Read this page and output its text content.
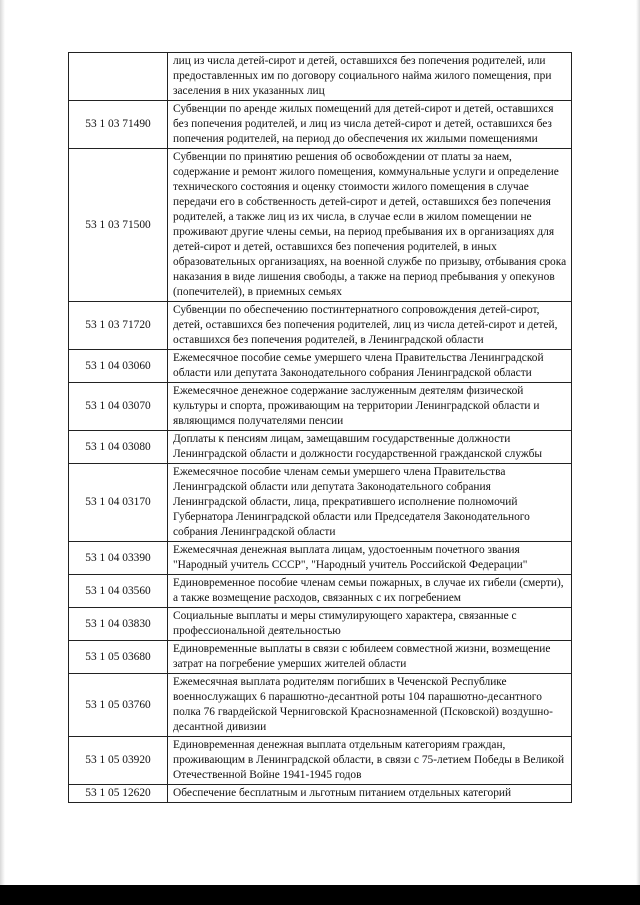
	лиц из числа детей-сирот и детей, оставшихся без попечения родителей, или предоставленных им по договору социального найма жилого помещения, при заселения в них указанных лиц
53 1 03 71490	Субвенции по аренде жилых помещений для детей-сирот и детей, оставшихся без попечения родителей, и лиц из числа детей-сирот и детей, оставшихся без попечения родителей, на период до обеспечения их жилыми помещениями
53 1 03 71500	Субвенции по принятию решения об освобождении от платы за наем, содержание и ремонт жилого помещения, коммунальные услуги и определение технического состояния и оценку стоимости жилого помещения в случае передачи его в собственность детей-сирот и детей, оставшихся без попечения родителей, а также лиц из их числа, в случае если в жилом помещении не проживают другие члены семьи, на период пребывания их в организациях для детей-сирот и детей, оставшихся без попечения родителей, в иных образовательных организациях, на военной службе по призыву, отбывания срока наказания в виде лишения свободы, а также на период пребывания у опекунов (попечителей), в приемных семьях
53 1 03 71720	Субвенции по обеспечению постинтернатного сопровождения детей-сирот, детей, оставшихся без попечения родителей, лиц из числа детей-сирот и детей, оставшихся без попечения родителей, в Ленинградской области
53 1 04 03060	Ежемесячное пособие семье умершего члена Правительства Ленинградской области или депутата Законодательного собрания Ленинградской области
53 1 04 03070	Ежемесячное денежное содержание заслуженным деятелям физической культуры и спорта, проживающим на территории Ленинградской области и являющимся получателями пенсии
53 1 04 03080	Доплаты к пенсиям лицам, замещавшим государственные должности Ленинградской области и должности государственной гражданской службы
53 1 04 03170	Ежемесячное пособие членам семьи умершего члена Правительства Ленинградской области или депутата Законодательного собрания Ленинградской области, лица, прекратившего исполнение полномочий Губернатора Ленинградской области или Председателя Законодательного собрания Ленинградской области
53 1 04 03390	Ежемесячная денежная выплата лицам, удостоенным почетного звания "Народный учитель СССР", "Народный учитель Российской Федерации"
53 1 04 03560	Единовременное пособие членам семьи пожарных, в случае их гибели (смерти), а также возмещение расходов, связанных с их погребением
53 1 04 03830	Социальные выплаты и меры стимулирующего характера, связанные с профессиональной деятельностью
53 1 05 03680	Единовременные выплаты в связи с юбилеем совместной жизни, возмещение затрат на погребение умерших жителей области
53 1 05 03760	Ежемесячная выплата родителям погибших в Чеченской Республике военнослужащих 6 парашютно-десантной роты 104 парашютно-десантного полка 76 гвардейской Черниговской Краснознаменной (Псковской) воздушно-десантной дивизии
53 1 05 03920	Единовременная денежная выплата отдельным категориям граждан, проживающим в Ленинградской области, в связи с 75-летием Победы в Великой Отечественной Войне 1941-1945 годов
53 1 05 12620	Обеспечение бесплатным и льготным питанием отдельных категорий
